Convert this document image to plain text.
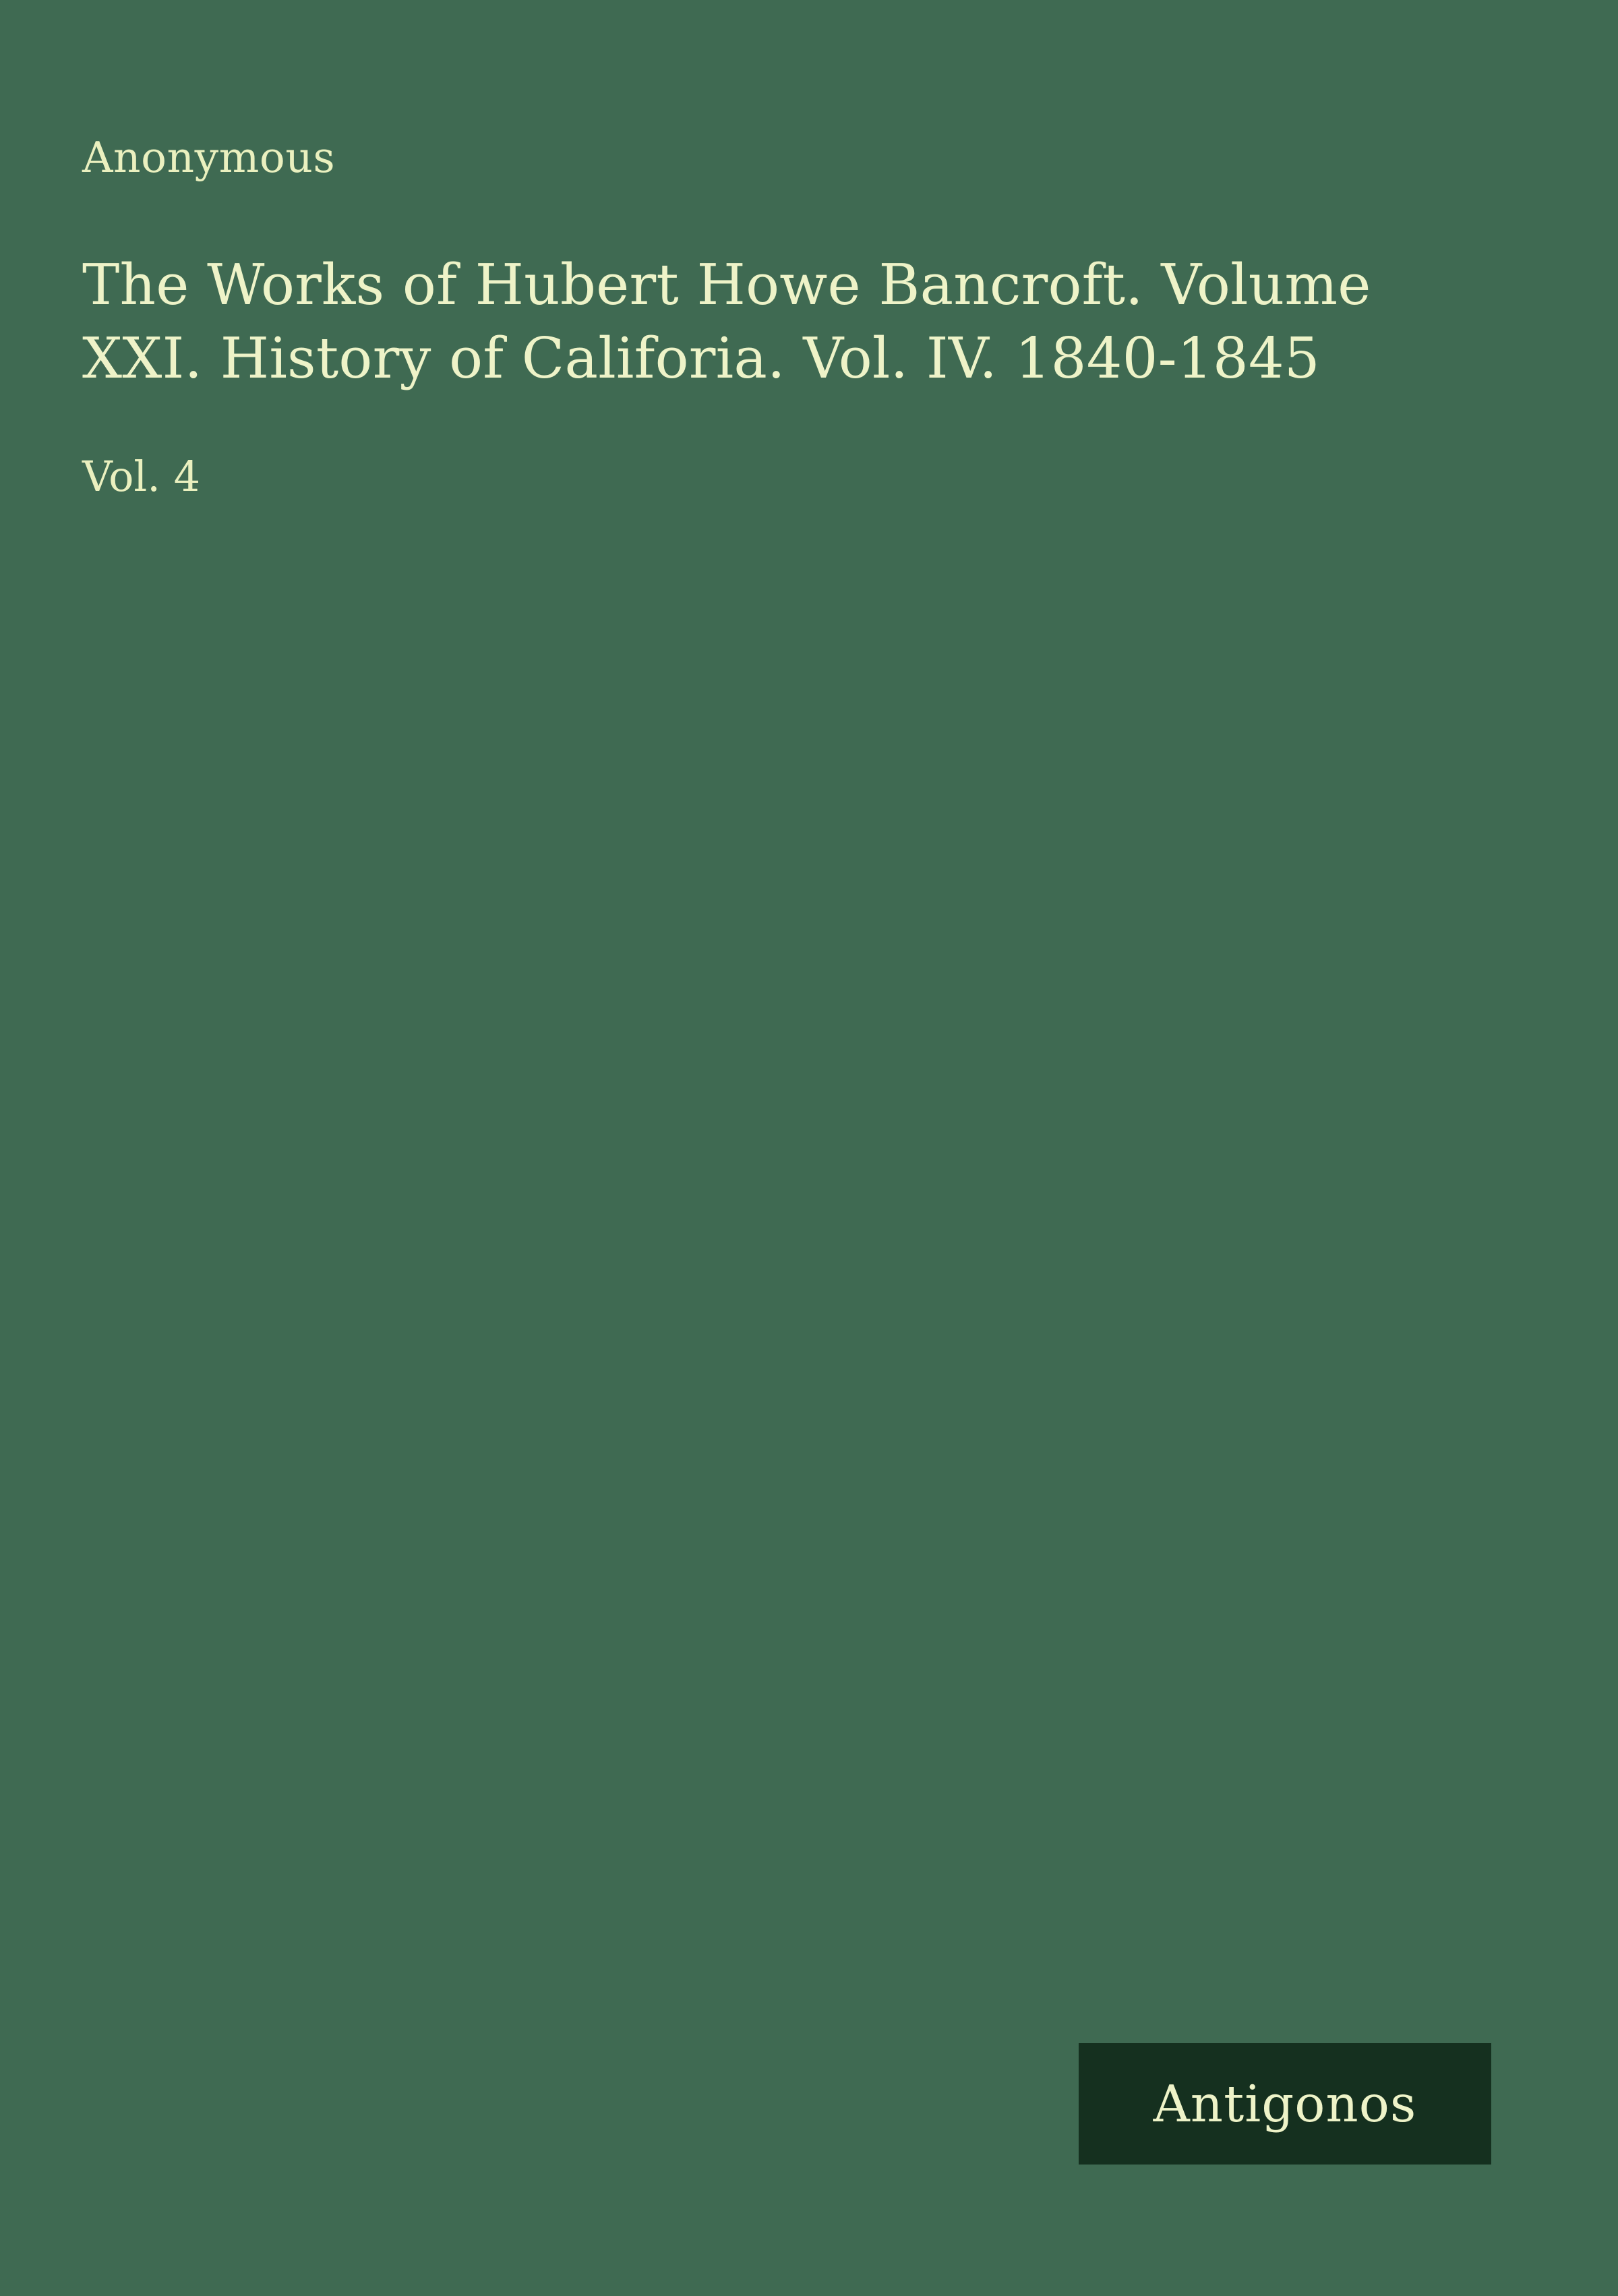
Anonymous
The Works of Hubert Howe Bancroft. Volume XXI. History of Califoria. Vol. IV. 1840-1845
Vol. 4
Antigonos
